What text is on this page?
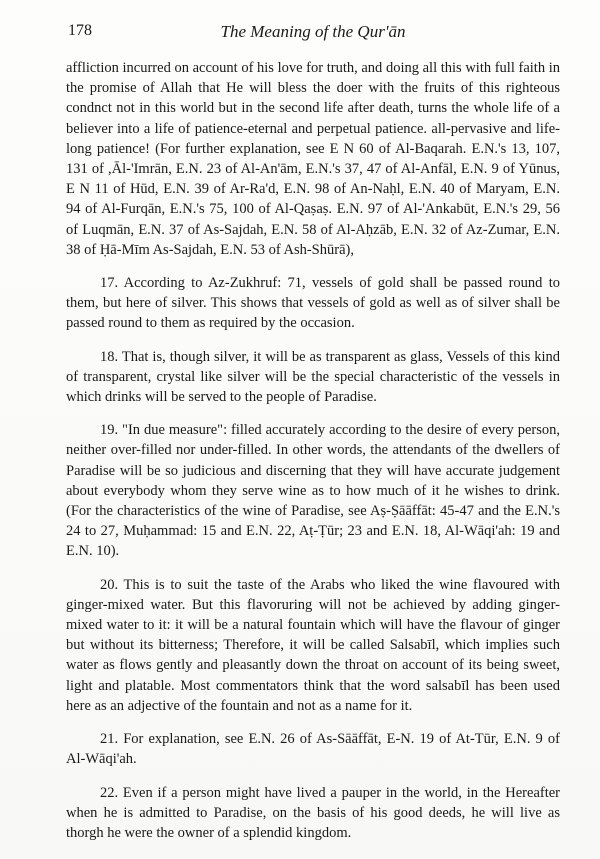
178	The Meaning of the Qur'ān

affliction incurred on account of his love for truth, and doing all this with full faith in the promise of Allah that He will bless the doer with the fruits of this righteous condnct not in this world but in the second life after death, turns the whole life of a believer into a life of patience-eternal and perpetual patience. all-pervasive and life-long patience! (For further explanation, see E N 60 of Al-Baqarah. E.N.'s 13, 107, 131 of ,Āl-'Imrān, E.N. 23 of Al-An'ām, E.N.'s 37, 47 of Al-Anfāl, E.N. 9 of Yūnus, E N 11 of Hūd, E.N. 39 of Ar-Ra'd, E.N. 98 of An-Naḥl, E.N. 40 of Maryam, E.N. 94 of Al-Furqān, E.N.'s 75, 100 of Al-Qaṣaṣ. E.N. 97 of Al-'Ankabūt, E.N.'s 29, 56 of Luqmān, E.N. 37 of As-Sajdah, E.N. 58 of Al-Aḥzāb, E.N. 32 of Az-Zumar, E.N. 38 of Ḥā-Mīm As-Sajdah, E.N. 53 of Ash-Shūrā),

17. According to Az-Zukhruf: 71, vessels of gold shall be passed round to them, but here of silver. This shows that vessels of gold as well as of silver shall be passed round to them as required by the occasion.

18. That is, though silver, it will be as transparent as glass, Vessels of this kind of transparent, crystal like silver will be the special characteristic of the vessels in which drinks will be served to the people of Paradise.

19. "In due measure": filled accurately according to the desire of every person, neither over-filled nor under-filled. In other words, the attendants of the dwellers of Paradise will be so judicious and discerning that they will have accurate judgement about everybody whom they serve wine as to how much of it he wishes to drink. (For the characteristics of the wine of Paradise, see Aṣ-Ṣāāffāt: 45-47 and the E.N.'s 24 to 27, Muḥammad: 15 and E.N. 22, Aṭ-Ṭūr; 23 and E.N. 18, Al-Wāqi'ah: 19 and E.N. 10).

20. This is to suit the taste of the Arabs who liked the wine flavoured with ginger-mixed water. But this flavoruring will not be achieved by adding ginger-mixed water to it: it will be a natural fountain which will have the flavour of ginger but without its bitterness; Therefore, it will be called Salsabīl, which implies such water as flows gently and pleasantly down the throat on account of its being sweet, light and platable. Most commentators think that the word salsabīl has been used here as an adjective of the fountain and not as a name for it.

21. For explanation, see E.N. 26 of As-Sāāffāt, E-N. 19 of At-Tūr, E.N. 9 of Al-Wāqi'ah.

22. Even if a person might have lived a pauper in the world, in the Hereafter when he is admitted to Paradise, on the basis of his good deeds, he will live as thorgh he were the owner of a splendid kingdom.
